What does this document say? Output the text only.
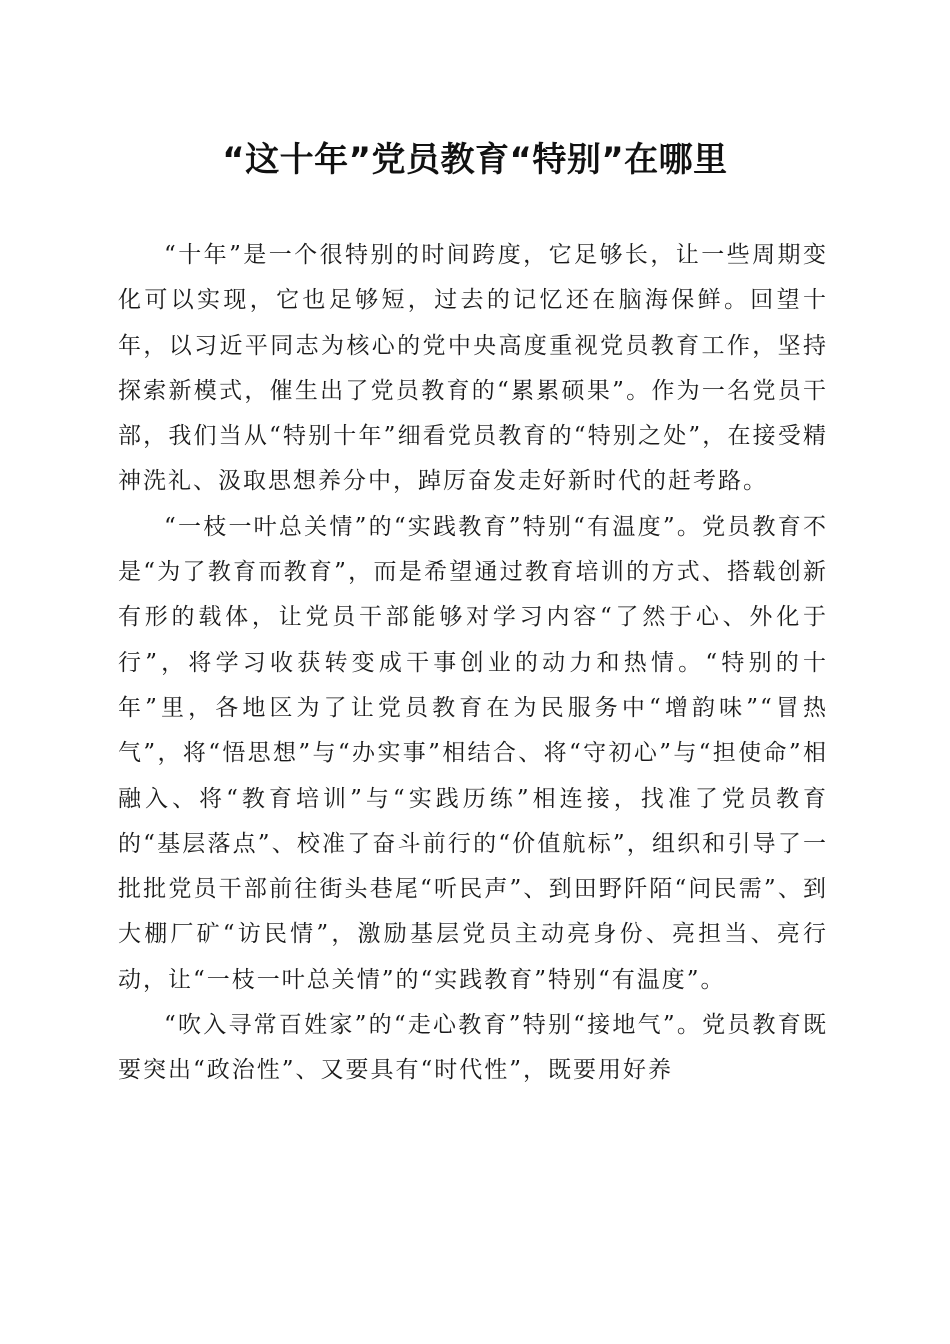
“这十年”党员教育“特别”在哪里

“十年”是一个很特别的时间跨度，它足够长，让一些周期变化可以实现，它也足够短，过去的记忆还在脑海保鲜。回望十年，以习近平同志为核心的党中央高度重视党员教育工作，坚持探索新模式，催生出了党员教育的“累累硕果”。作为一名党员干部，我们当从“特别十年”细看党员教育的“特别之处”，在接受精神洗礼、汲取思想养分中，踔厉奋发走好新时代的赶考路。

“一枝一叶总关情”的“实践教育”特别“有温度”。党员教育不是“为了教育而教育”，而是希望通过教育培训的方式、搭载创新有形的载体，让党员干部能够对学习内容“了然于心、外化于行”，将学习收获转变成干事创业的动力和热情。“特别的十年”里，各地区为了让党员教育在为民服务中“增韵味”“冒热气”，将“悟思想”与“办实事”相结合、将“守初心”与“担使命”相融入、将“教育培训”与“实践历练”相连接，找准了党员教育的“基层落点”、校准了奋斗前行的“价值航标”，组织和引导了一批批党员干部前往街头巷尾“听民声”、到田野阡陌“问民需”、到大棚厂矿“访民情”，激励基层党员主动亮身份、亮担当、亮行动，让“一枝一叶总关情”的“实践教育”特别“有温度”。

“吹入寻常百姓家”的“走心教育”特别“接地气”。党员教育既要突出“政治性”、又要具有“时代性”，既要用好养
